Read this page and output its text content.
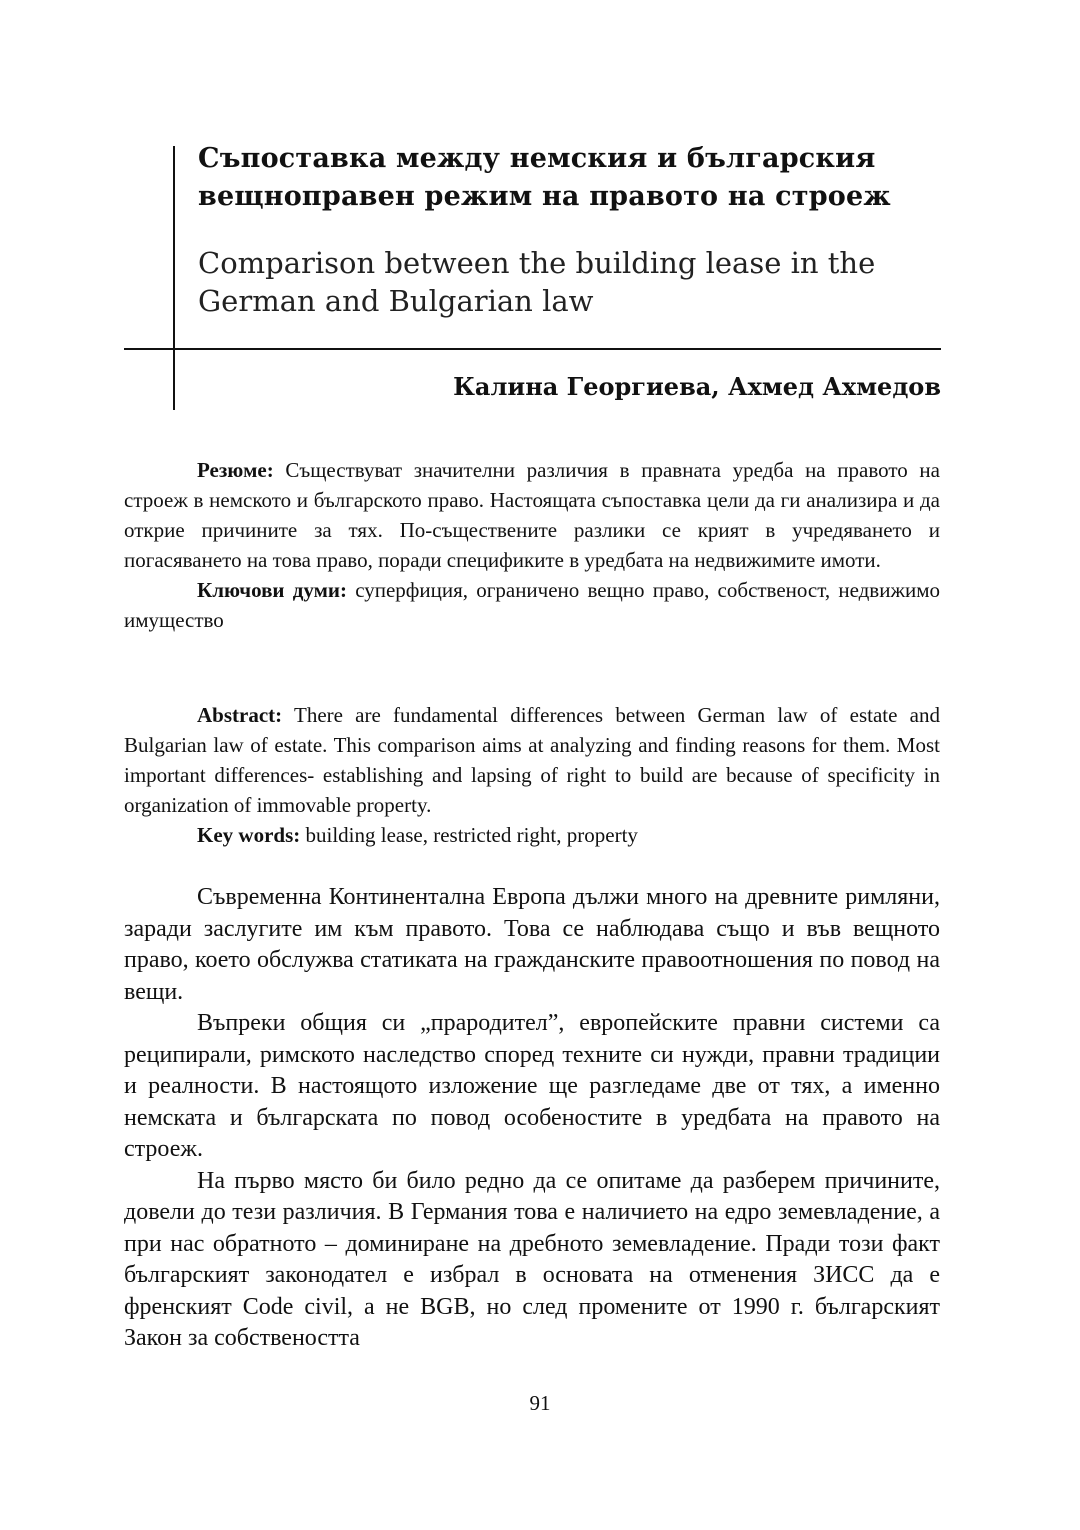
Съпоставка между немския и българския вещноправен режим на правото на строеж
Comparison between the building lease in the German and Bulgarian law
Калина Георгиева, Ахмед Ахмедов

Резюме: Съществуват значителни различия в правната уредба на правото на строеж в немското и българското право. Настоящата съпоставка цели да ги анализира и да открие причините за тях. По-съществените разлики се крият в учредяването и погасяването на това право, поради спецификите в уредбата на недвижимите имоти.

Ключови думи: суперфиция, ограничено вещно право, собственост, недвижимо имущество

Abstract: There are fundamental differences between German law of estate and Bulgarian law of estate. This comparison aims at analyzing and finding reasons for them. Most important differences- establishing and lapsing of right to build are because of specificity in organization of immovable property.

Key words: building lease, restricted right, property

Съвременна Континентална Европа дължи много на древните римляни, заради заслугите им към правото. Това се наблюдава също и във вещното право, което обслужва статиката на гражданските правоотношения по повод на вещи.

Въпреки общия си „прародител”, европейските правни системи са реципирали, римското наследство според техните си нужди, правни традиции и реалности. В настоящото изложение ще разгледаме две от тях, а именно немската и българската по повод особеностите в уредбата на правото на строеж.

На първо място би било редно да се опитаме да разберем причините, довели до тези различия. В Германия това е наличието на едро земевладение, а при нас обратното – доминиране на дребното земевладение. Пради този факт българският законодател е избрал в основата на отменения ЗИСС да е френският Code civil, а не BGB, но след промените от 1990 г. българският Закон за собствеността

91
